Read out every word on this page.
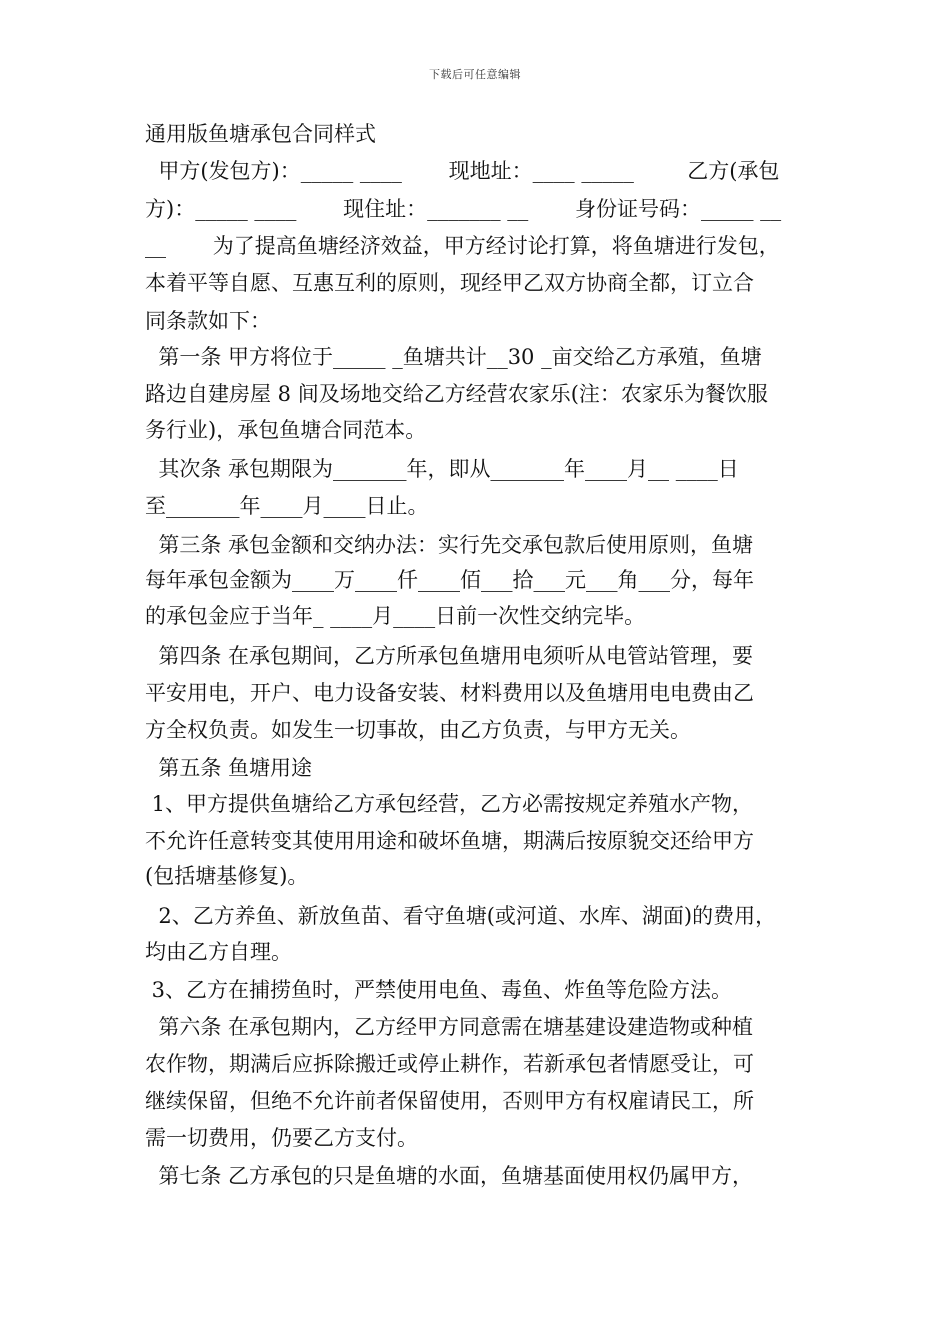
下载后可任意编辑
通用版鱼塘承包合同样式
甲方(发包方)：_____ ____       现地址：____ _____        乙方(承包
方)：_____ ____       现住址：_______ __       身份证号码：_____ __
__       为了提高鱼塘经济效益，甲方经讨论打算，将鱼塘进行发包，
本着平等自愿、互惠互利的原则，现经甲乙双方协商全都，订立合
同条款如下：
第一条 甲方将位于_____ _鱼塘共计__30 _亩交给乙方承殖，鱼塘
路边自建房屋 8 间及场地交给乙方经营农家乐(注：农家乐为餐饮服
务行业)，承包鱼塘合同范本。
其次条 承包期限为_______年，即从_______年____月__ ____日
至_______年____月____日止。
第三条 承包金额和交纳办法：实行先交承包款后使用原则，鱼塘
每年承包金额为____万____仟____佰___拾___元___角___分，每年
的承包金应于当年_ ____月____日前一次性交纳完毕。
第四条 在承包期间，乙方所承包鱼塘用电须听从电管站管理，要
平安用电，开户、电力设备安装、材料费用以及鱼塘用电电费由乙
方全权负责。如发生一切事故，由乙方负责，与甲方无关。
第五条 鱼塘用途
1、甲方提供鱼塘给乙方承包经营，乙方必需按规定养殖水产物，
不允许任意转变其使用用途和破坏鱼塘，期满后按原貌交还给甲方
(包括塘基修复)。
2、乙方养鱼、新放鱼苗、看守鱼塘(或河道、水库、湖面)的费用，
均由乙方自理。
3、乙方在捕捞鱼时，严禁使用电鱼、毒鱼、炸鱼等危险方法。
第六条 在承包期内，乙方经甲方同意需在塘基建设建造物或种植
农作物，期满后应拆除搬迁或停止耕作，若新承包者情愿受让，可
继续保留，但绝不允许前者保留使用，否则甲方有权雇请民工，所
需一切费用，仍要乙方支付。
第七条 乙方承包的只是鱼塘的水面，鱼塘基面使用权仍属甲方，
